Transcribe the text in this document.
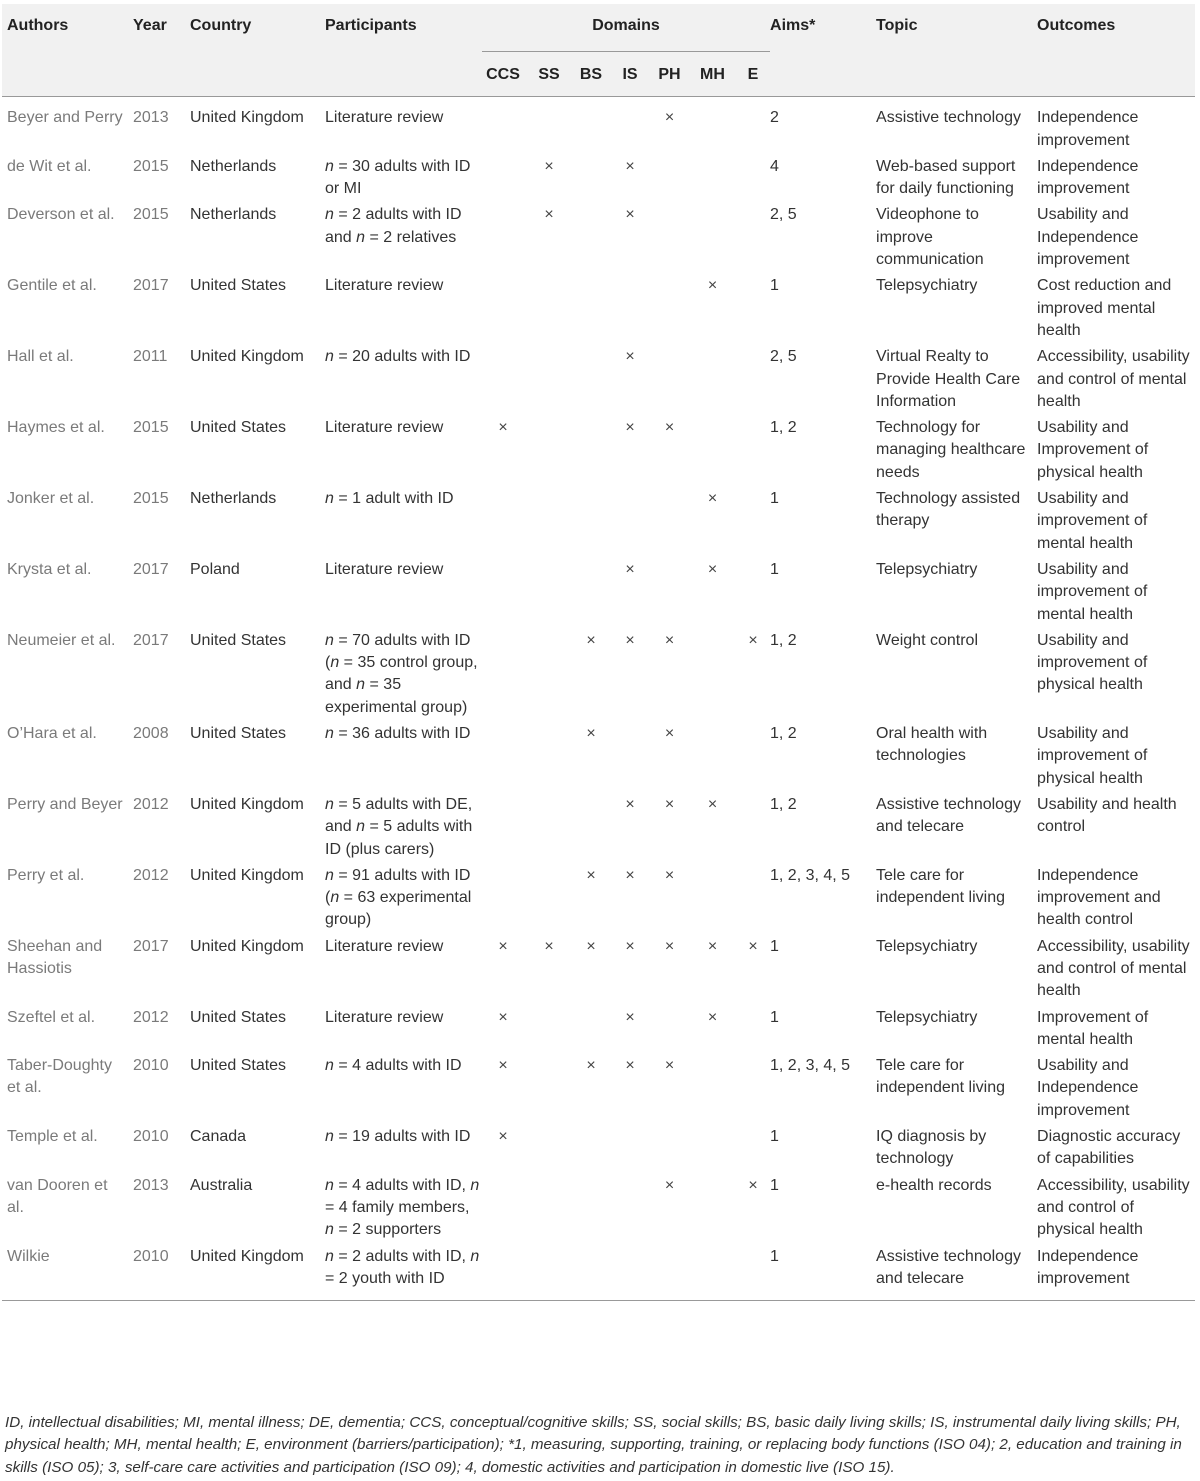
Authors	Year	Country	Participants	Domains							Aims*	Topic	Outcomes
				CCS	SS	BS	IS	PH	MH	E			
Beyer and Perry	2013	United Kingdom	Literature review					×			2	Assistive technology	Independence improvement
de Wit et al.	2015	Netherlands	n = 30 adults with ID or MI		×		×				4	Web-based support for daily functioning	Independence improvement
Deverson et al.	2015	Netherlands	n = 2 adults with ID and n = 2 relatives		×		×				2, 5	Videophone to improve communication	Usability and Independence improvement
Gentile et al.	2017	United States	Literature review						×		1	Telepsychiatry	Cost reduction and improved mental health
Hall et al.	2011	United Kingdom	n = 20 adults with ID				×				2, 5	Virtual Realty to Provide Health Care Information	Accessibility, usability and control of mental health
Haymes et al.	2015	United States	Literature review	×			×	×			1, 2	Technology for managing healthcare needs	Usability and Improvement of physical health
Jonker et al.	2015	Netherlands	n = 1 adult with ID						×		1	Technology assisted therapy	Usability and improvement of mental health
Krysta et al.	2017	Poland	Literature review				×		×		1	Telepsychiatry	Usability and improvement of mental health
Neumeier et al.	2017	United States	n = 70 adults with ID (n = 35 control group, and n = 35 experimental group)			×	×	×		×	1, 2	Weight control	Usability and improvement of physical health
O’Hara et al.	2008	United States	n = 36 adults with ID			×		×			1, 2	Oral health with technologies	Usability and improvement of physical health
Perry and Beyer	2012	United Kingdom	n = 5 adults with DE, and n = 5 adults with ID (plus carers)				×	×	×		1, 2	Assistive technology and telecare	Usability and health control
Perry et al.	2012	United Kingdom	n = 91 adults with ID (n = 63 experimental group)			×	×	×			1, 2, 3, 4, 5	Tele care for independent living	Independence improvement and health control
Sheehan and Hassiotis	2017	United Kingdom	Literature review	×	×	×	×	×	×	×	1	Telepsychiatry	Accessibility, usability and control of mental health
Szeftel et al.	2012	United States	Literature review	×			×		×		1	Telepsychiatry	Improvement of mental health
Taber-Doughty et al.	2010	United States	n = 4 adults with ID	×		×	×	×			1, 2, 3, 4, 5	Tele care for independent living	Usability and Independence improvement
Temple et al.	2010	Canada	n = 19 adults with ID	×							1	IQ diagnosis by technology	Diagnostic accuracy of capabilities
van Dooren et al.	2013	Australia	n = 4 adults with ID, n = 4 family members, n = 2 supporters					×		×	1	e-health records	Accessibility, usability and control of physical health
Wilkie	2010	United Kingdom	n = 2 adults with ID, n = 2 youth with ID								1	Assistive technology and telecare	Independence improvement
ID, intellectual disabilities; MI, mental illness; DE, dementia; CCS, conceptual/cognitive skills; SS, social skills; BS, basic daily living skills; IS, instrumental daily living skills; PH, physical health; MH, mental health; E, environment (barriers/participation); *1, measuring, supporting, training, or replacing body functions (ISO 04); 2, education and training in skills (ISO 05); 3, self-care care activities and participation (ISO 09); 4, domestic activities and participation in domestic live (ISO 15).
